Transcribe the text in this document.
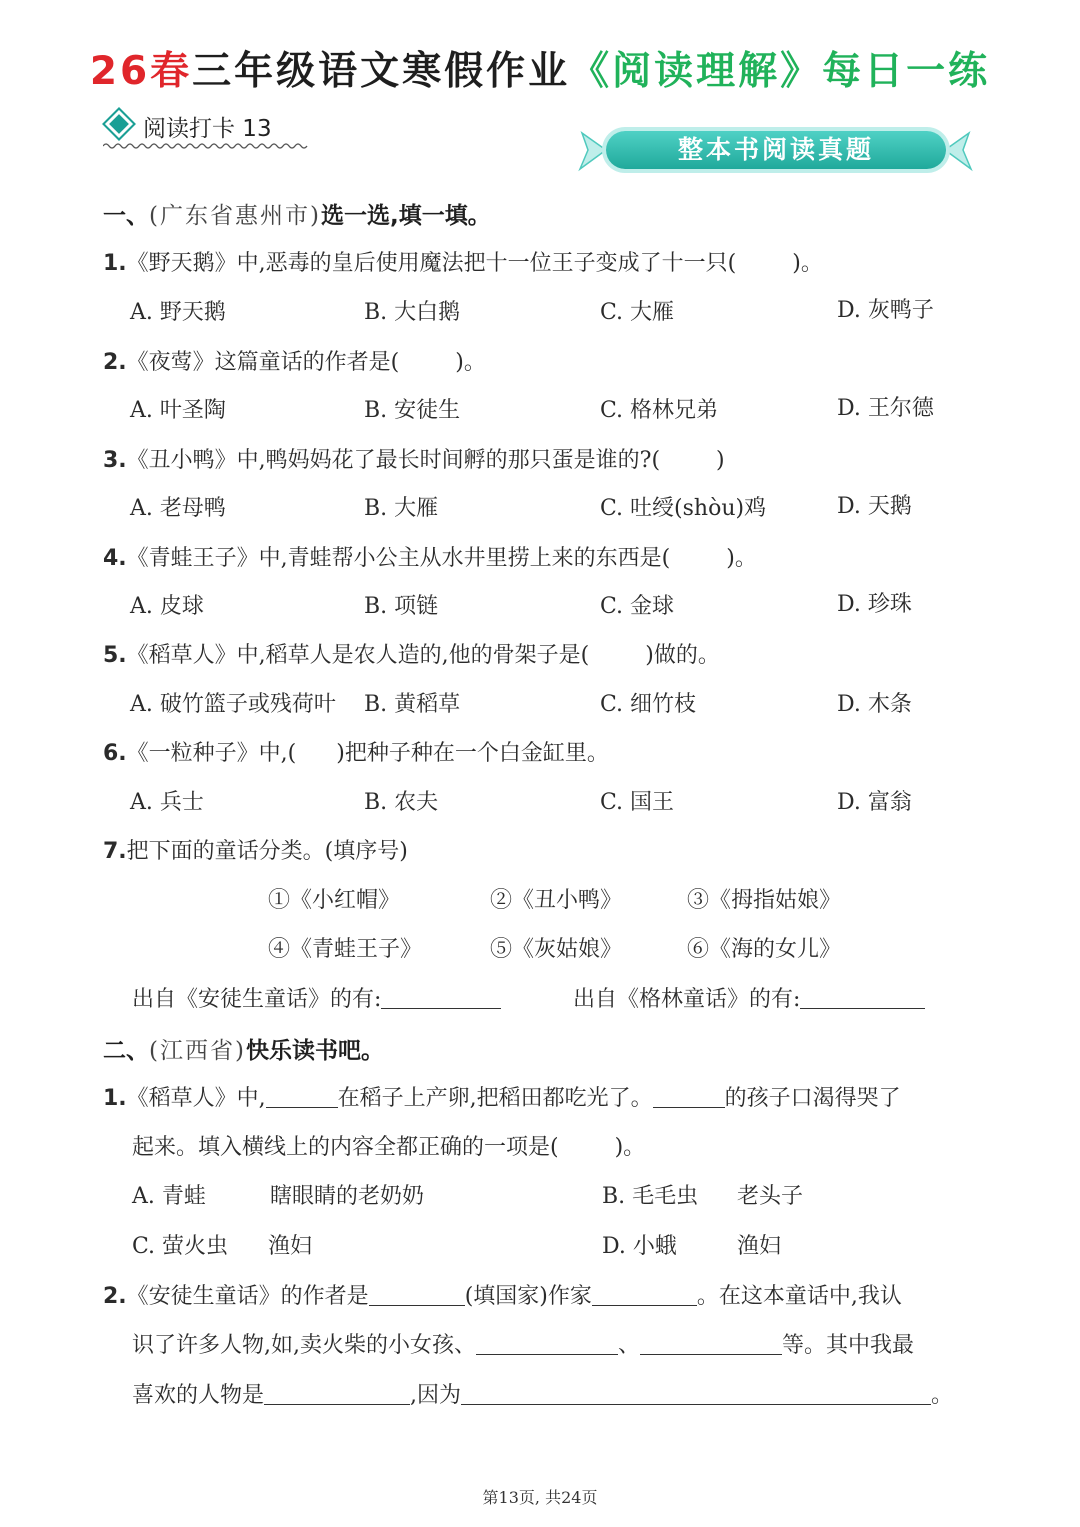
26春三年级语文寒假作业《阅读理解》每日一练
阅读打卡 13
整本书阅读真题
一、(广东省惠州市)选一选,填一填。
1.《野天鹅》中,恶毒的皇后使用魔法把十一位王子变成了十一只(	)。
A. 野天鹅	B. 大白鹅	C. 大雁	D. 灰鸭子
2.《夜莺》这篇童话的作者是(	)。
A. 叶圣陶	B. 安徒生	C. 格林兄弟	D. 王尔德
3.《丑小鸭》中,鸭妈妈花了最长时间孵的那只蛋是谁的?(	)
A. 老母鸭	B. 大雁	C. 吐绶(shòu)鸡	D. 天鹅
4.《青蛙王子》中,青蛙帮小公主从水井里捞上来的东西是(	)。
A. 皮球	B. 项链	C. 金球	D. 珍珠
5.《稻草人》中,稻草人是农人造的,他的骨架子是(	)做的。
A. 破竹篮子或残荷叶 B. 黄稻草	C. 细竹枝	D. 木条
6.《一粒种子》中,( )把种子种在一个白金缸里。
A. 兵士	B. 农夫	C. 国王	D. 富翁
7.把下面的童话分类。(填序号)
①《小红帽》	②《丑小鸭》	③《拇指姑娘》
④《青蛙王子》	⑤《灰姑娘》	⑥《海的女儿》
出自《安徒生童话》的有:	出自《格林童话》的有:
二、(江西省)快乐读书吧。
1.《稻草人》中,	在稻子上产卵,把稻田都吃光了。	的孩子口渴得哭了
起来。填入横线上的内容全都正确的一项是(	)。
A. 青蛙	瞎眼睛的老奶奶	B. 毛毛虫 老头子
C. 萤火虫 渔妇	D. 小蛾	渔妇
2.《安徒生童话》的作者是	(填国家)作家	。在这本童话中,我认
识了许多人物,如,卖火柴的小女孩、	、	等。其中我最
喜欢的人物是	,因为	。
第13页, 共24页
